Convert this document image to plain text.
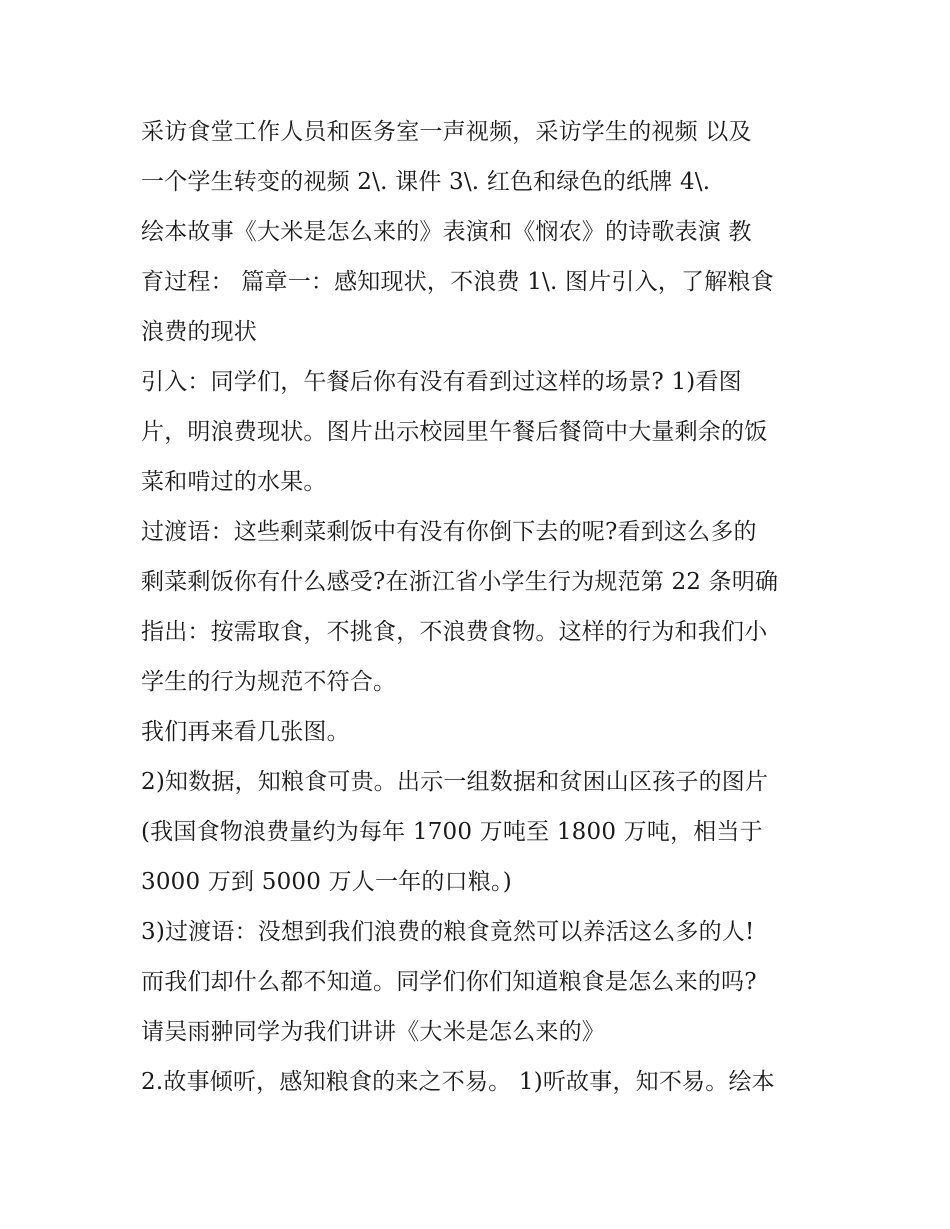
采访食堂工作人员和医务室一声视频，采访学生的视频 以及
一个学生转变的视频 2\. 课件 3\. 红色和绿色的纸牌 4\.
绘本故事《大米是怎么来的》表演和《悯农》的诗歌表演 教
育过程： 篇章一：感知现状，不浪费 1\. 图片引入，了解粮食
浪费的现状
引入：同学们，午餐后你有没有看到过这样的场景? 1)看图
片，明浪费现状。图片出示校园里午餐后餐筒中大量剩余的饭
菜和啃过的水果。
过渡语：这些剩菜剩饭中有没有你倒下去的呢?看到这么多的
剩菜剩饭你有什么感受?在浙江省小学生行为规范第 22 条明确
指出：按需取食，不挑食，不浪费食物。这样的行为和我们小
学生的行为规范不符合。
我们再来看几张图。
2)知数据，知粮食可贵。出示一组数据和贫困山区孩子的图片
(我国食物浪费量约为每年 1700 万吨至 1800 万吨，相当于
3000 万到 5000 万人一年的口粮。)
3)过渡语：没想到我们浪费的粮食竟然可以养活这么多的人!
而我们却什么都不知道。同学们你们知道粮食是怎么来的吗?
请吴雨翀同学为我们讲讲《大米是怎么来的》
2.故事倾听，感知粮食的来之不易。 1)听故事，知不易。绘本
